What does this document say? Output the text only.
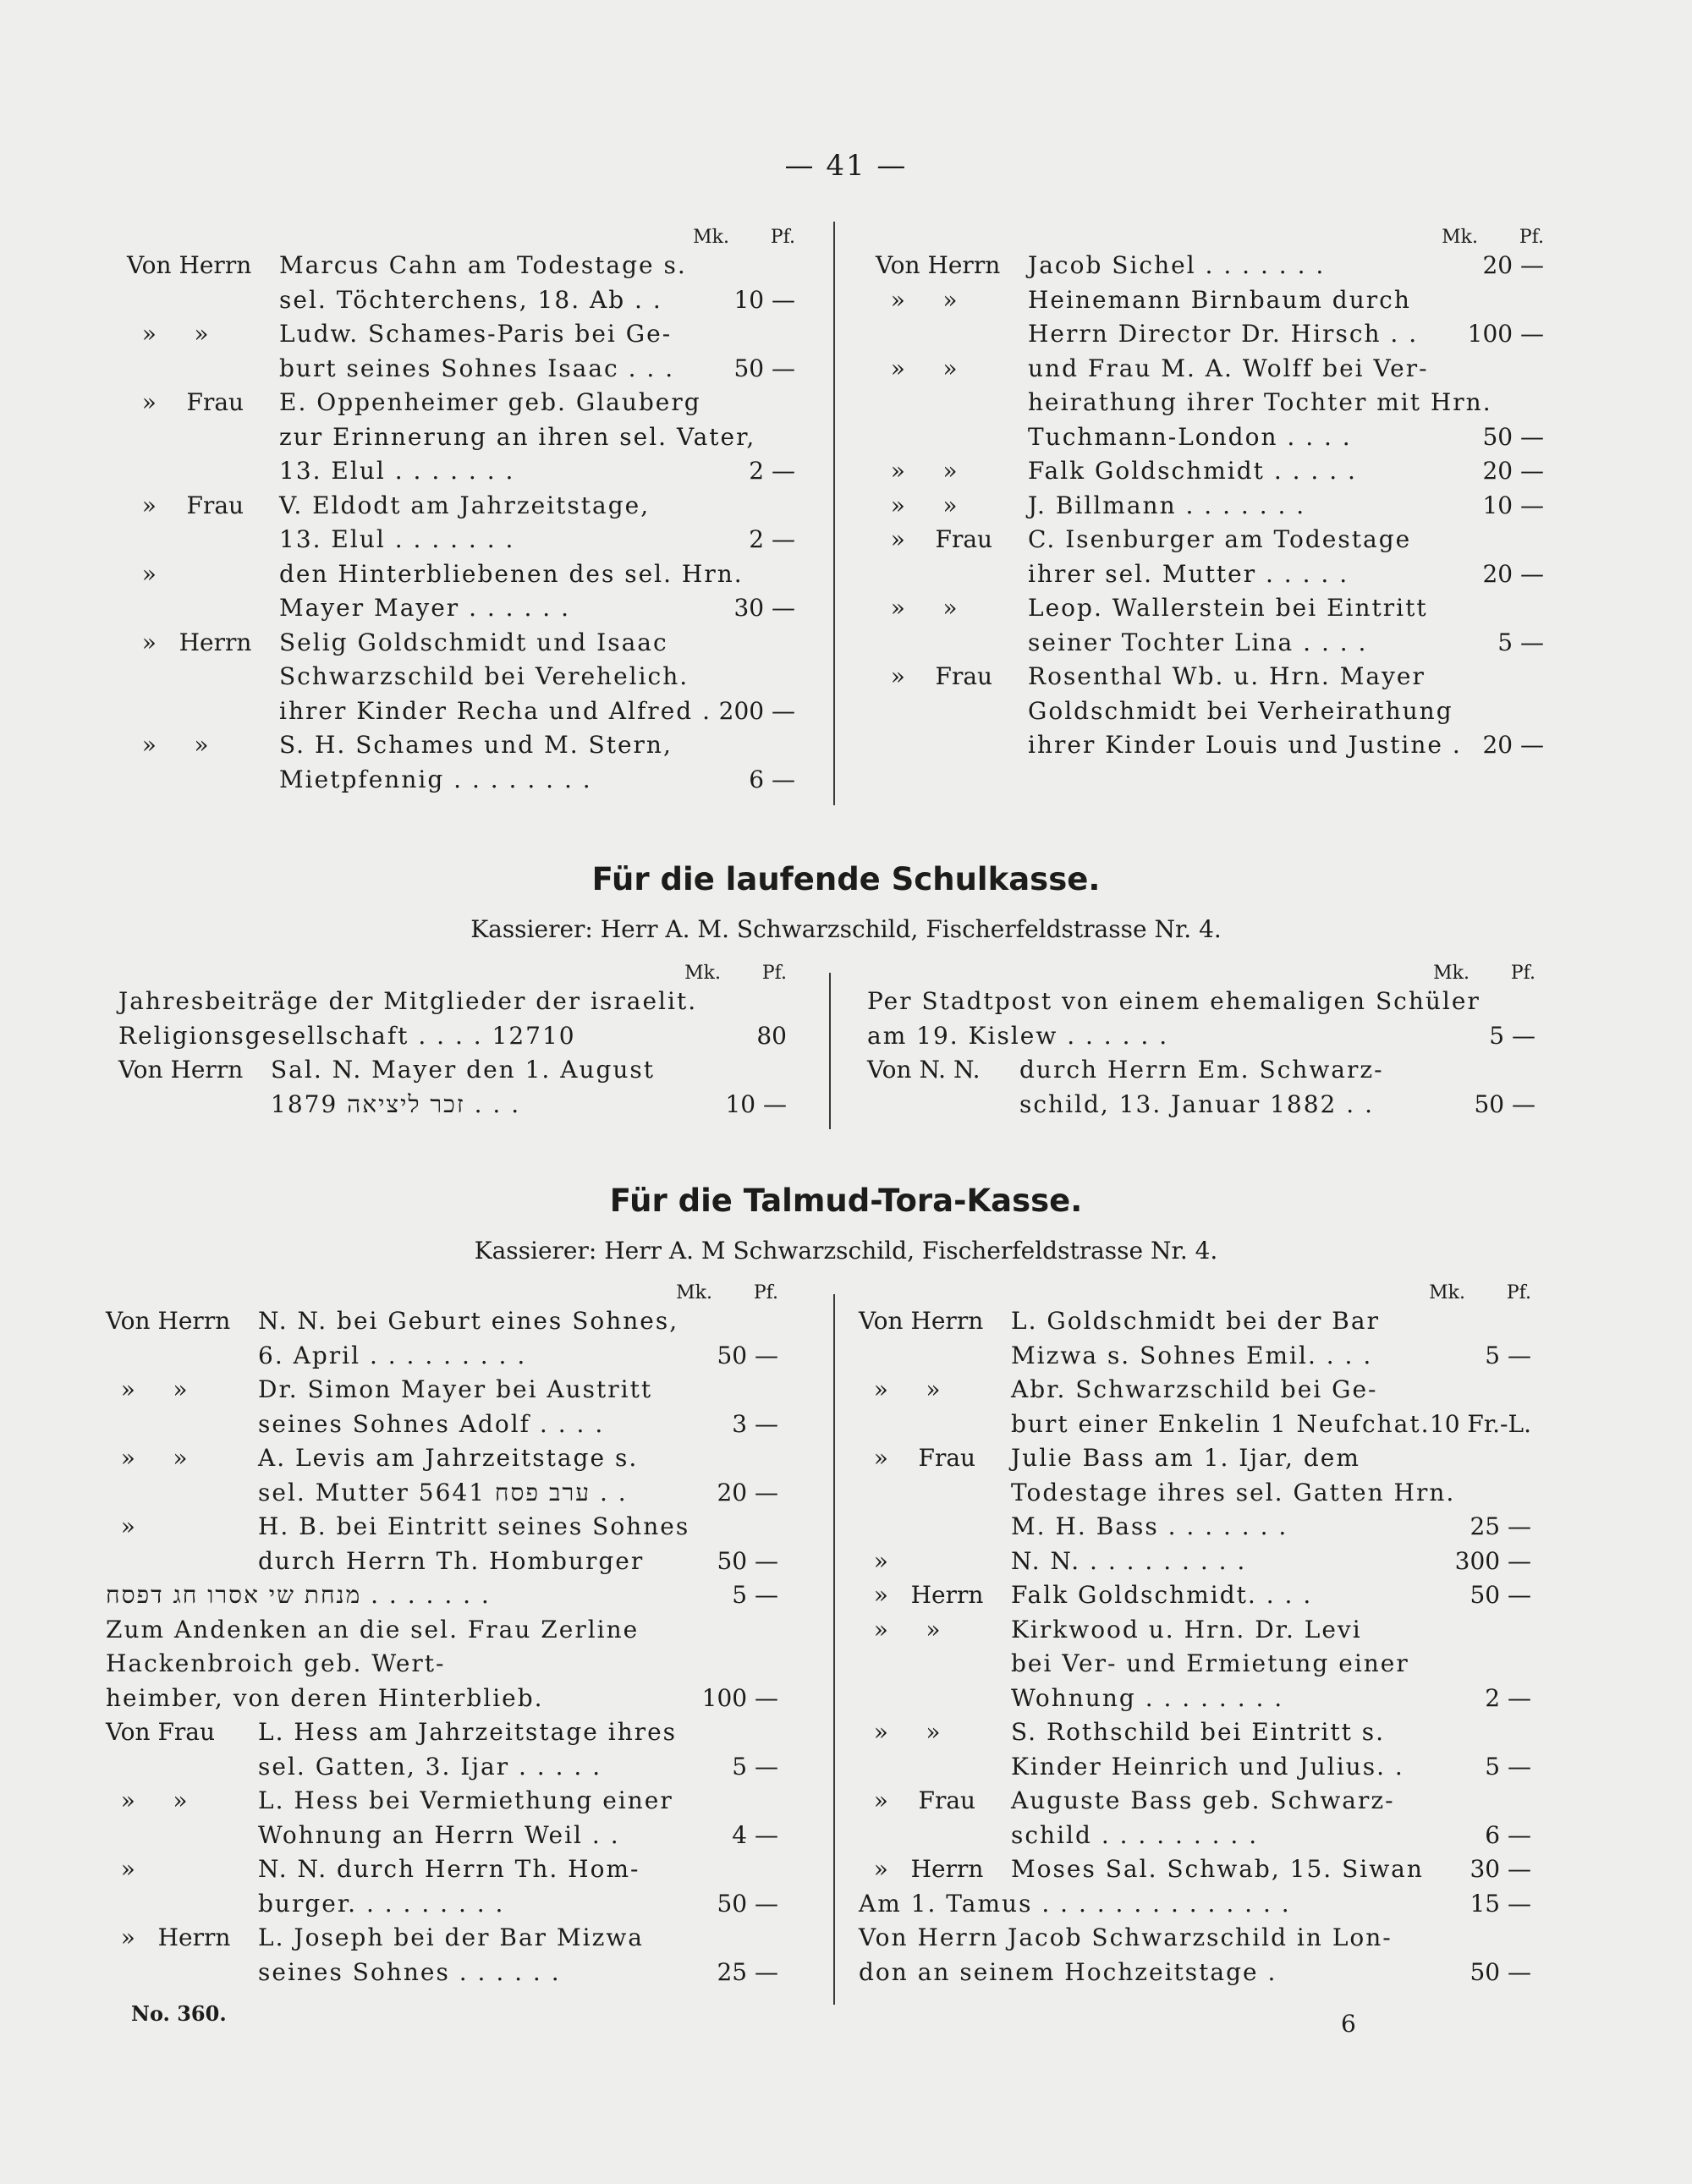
— 41 —
Mk. Pf.
Von Herrn	Marcus Cahn am Todestage s.
sel. Töchterchens, 18. Ab . .	10 —
»     »	Ludw. Schames-Paris bei Ge-
burt seines Sohnes Isaac . . .	50 —
»    Frau	E. Oppenheimer geb. Glauberg
zur Erinnerung an ihren sel. Vater,
13. Elul . . . . . . .	2 —
»    Frau	V. Eldodt am Jahrzeitstage,
13. Elul . . . . . . .	2 —
»	den Hinterbliebenen des sel. Hrn.
Mayer Mayer . . . . . .	30 —
»   Herrn	Selig Goldschmidt und Isaac
Schwarzschild bei Verehelich.
ihrer Kinder Recha und Alfred . 200 —
»     »	S. H. Schames und M. Stern,
Mietpfennig . . . . . . . .	6 —
Mk. Pf.
Von Herrn	Jacob Sichel . . . . . . .	20 —
»     »	Heinemann Birnbaum durch
Herrn Director Dr. Hirsch . .	100 —
»     »	und Frau M. A. Wolff bei Ver-
heirathung ihrer Tochter mit Hrn.
Tuchmann-London . . . .	50 —
»     »	Falk Goldschmidt . . . . .	20 —
»     »	J. Billmann . . . . . . .	10 —
»    Frau	C. Isenburger am Todestage
ihrer sel. Mutter . . . . .	20 —
»     »	Leop. Wallerstein bei Eintritt
seiner Tochter Lina . . . .	5 —
»    Frau	Rosenthal Wb. u. Hrn. Mayer
Goldschmidt bei Verheirathung
ihrer Kinder Louis und Justine . 20 —
Für die laufende Schulkasse.
Kassierer: Herr A. M. Schwarzschild, Fischerfeldstrasse Nr. 4.
Mk. Pf.
Jahresbeiträge der Mitglieder der israelit.
Religionsgesellschaft . . . . 12710	80
Von Herrn	Sal. N. Mayer den 1. August
1879 זכר ליציאה . . .	10 —
Mk. Pf.
Per Stadtpost von einem ehemaligen Schüler
am 19. Kislew . . . . . .	5 —
Von N. N.	durch Herrn Em. Schwarz-
schild, 13. Januar 1882 . .	50 —
Für die Talmud-Tora-Kasse.
Kassierer: Herr A. M Schwarzschild, Fischerfeldstrasse Nr. 4.
Mk. Pf.
Von Herrn	N. N. bei Geburt eines Sohnes,
6. April . . . . . . . . .	50 —
»     »	Dr. Simon Mayer bei Austritt
seines Sohnes Adolf . . . .	3 —
»     »	A. Levis am Jahrzeitstage s.
sel. Mutter ערב פסח 5641 . .	20 —
»	H. B. bei Eintritt seines Sohnes
durch Herrn Th. Homburger	50 —
מנחת שי אסרו חג דפסח . . . . . . .	5 —
Zum Andenken an die sel. Frau Zerline
Hackenbroich geb. Wert-
heimber, von deren Hinterblieb.	100 —
Von Frau	L. Hess am Jahrzeitstage ihres
sel. Gatten, 3. Ijar . . . . .	5 —
»     »	L. Hess bei Vermiethung einer
Wohnung an Herrn Weil . .	4 —
»	N. N. durch Herrn Th. Hom-
burger. . . . . . . . .	50 —
»   Herrn	L. Joseph bei der Bar Mizwa
seines Sohnes . . . . . .	25 —
Mk. Pf.
Von Herrn	L. Goldschmidt bei der Bar
Mizwa s. Sohnes Emil. . . .	5 —
»     »	Abr. Schwarzschild bei Ge-
burt einer Enkelin 1 Neufchat. 10 Fr.-L.
»    Frau	Julie Bass am 1. Ijar, dem
Todestage ihres sel. Gatten Hrn.
M. H. Bass . . . . . . .	25 —
»	N. N. . . . . . . . . .	300 —
»   Herrn	Falk Goldschmidt. . . .	50 —
»     »	Kirkwood u. Hrn. Dr. Levi
bei Ver- und Ermietung einer
Wohnung . . . . . . . .	2 —
»     »	S. Rothschild bei Eintritt s.
Kinder Heinrich und Julius. .	5 —
»    Frau	Auguste Bass geb. Schwarz-
schild . . . . . . . . .	6 —
»   Herrn	Moses Sal. Schwab, 15. Siwan	30 —
Am 1. Tamus . . . . . . . . . . . . . .	15 —
Von Herrn Jacob Schwarzschild in Lon-
don an seinem Hochzeitstage .	50 —
No. 360.	6
